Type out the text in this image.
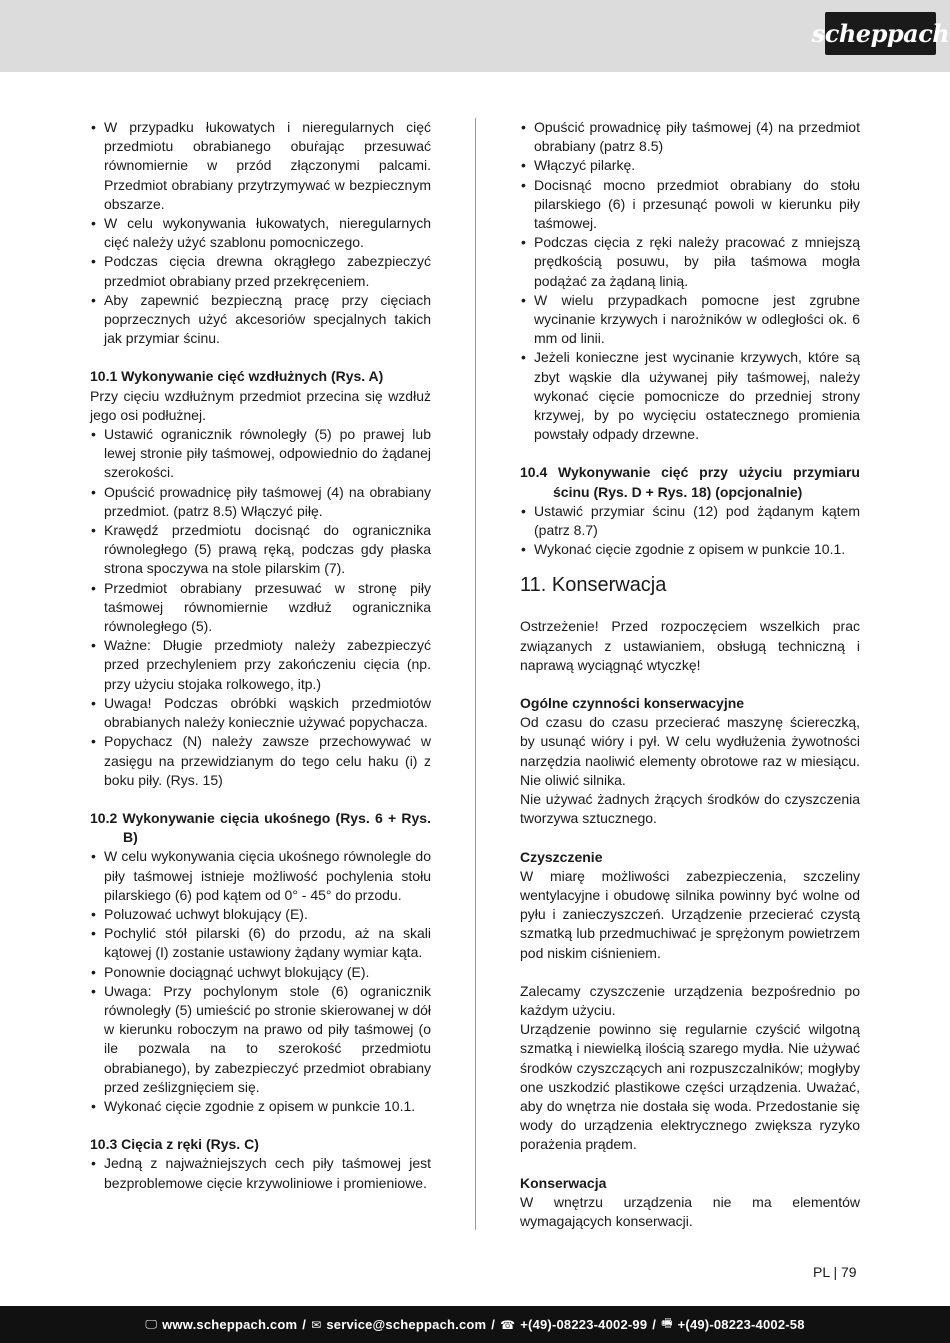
scheppach
• W przypadku łukowatych i nieregularnych cięć przedmiotu obrabianego obuṙając przesuwać równomiernie w przód złączonymi palcami. Przedmiot obrabiany przytrzymywać w bezpiecznym obszarze.
• W celu wykonywania łukowatych, nieregularnych cięć należy użyć szablonu pomocniczego.
• Podczas cięcia drewna okrągłego zabezpieczyć przedmiot obrabiany przed przekręceniem.
• Aby zapewnić bezpieczną pracę przy cięciach poprzecznych użyć akcesoriów specjalnych takich jak przymiar ścinu.
10.1 Wykonywanie cięć wzdłużnych (Rys. A)
Przy cięciu wzdłużnym przedmiot przecina się wzdłuż jego osi podłużnej.
• Ustawić ogranicznik równoległy (5) po prawej lub lewej stronie piły taśmowej, odpowiednio do żądanej szerokości.
• Opuścić prowadnicę piły taśmowej (4) na obrabiany przedmiot. (patrz 8.5) Włączyć piłę.
• Krawędź przedmiotu docisnąć do ogranicznika równoległego (5) prawą ręką, podczas gdy płaska strona spoczywa na stole pilarskim (7).
• Przedmiot obrabiany przesuwać w stronę piły taśmowej równomiernie wzdłuż ogranicznika równoległego (5).
• Ważne: Długie przedmioty należy zabezpieczyć przed przechyleniem przy zakończeniu cięcia (np. przy użyciu stojaka rolkowego, itp.)
• Uwaga! Podczas obróbki wąskich przedmiotów obrabianych należy koniecznie używać popychacza.
• Popychacz (N) należy zawsze przechowywać w zasięgu na przewidzianym do tego celu haku (i) z boku piły. (Rys. 15)
10.2 Wykonywanie cięcia ukośnego (Rys. 6 + Rys. B)
• W celu wykonywania cięcia ukośnego równolegle do piły taśmowej istnieje możliwość pochylenia stołu pilarskiego (6) pod kątem od 0° - 45° do przodu.
• Poluzować uchwyt blokujący (E).
• Pochylić stół pilarski (6) do przodu, aż na skali kątowej (I) zostanie ustawiony żądany wymiar kąta.
• Ponownie dociągnąć uchwyt blokujący (E).
• Uwaga: Przy pochylonym stole (6) ogranicznik równoległy (5) umieścić po stronie skierowanej w dół w kierunku roboczym na prawo od piły taśmowej (o ile pozwala na to szerokość przedmiotu obrabianego), by zabezpieczyć przedmiot obrabiany przed ześlizgnięciem się.
• Wykonać cięcie zgodnie z opisem w punkcie 10.1.
10.3 Cięcia z ręki (Rys. C)
• Jedną z najważniejszych cech piły taśmowej jest bezproblemowe cięcie krzywoliniowe i promieniowe.
• Opuścić prowadnicę piły taśmowej (4) na przedmiot obrabiany (patrz 8.5)
• Włączyć pilarkę.
• Docisnąć mocno przedmiot obrabiany do stołu pilarskiego (6) i przesunąć powoli w kierunku piły taśmowej.
• Podczas cięcia z ręki należy pracować z mniejszą prędkością posuwu, by piła taśmowa mogła podążać za żądaną linią.
• W wielu przypadkach pomocne jest zgrubne wycinanie krzywych i narożników w odległości ok. 6 mm od linii.
• Jeżeli konieczne jest wycinanie krzywych, które są zbyt wąskie dla używanej piły taśmowej, należy wykonać cięcie pomocnicze do przedniej strony krzywej, by po wycięciu ostatecznego promienia powstały odpady drzewne.
10.4 Wykonywanie cięć przy użyciu przymiaru ścinu (Rys. D + Rys. 18) (opcjonalnie)
• Ustawić przymiar ścinu (12) pod żądanym kątem (patrz 8.7)
• Wykonać cięcie zgodnie z opisem w punkcie 10.1.
11. Konserwacja
Ostrzeżenie! Przed rozpoczęciem wszelkich prac związanych z ustawianiem, obsługą techniczną i naprawą wyciągnąć wtyczkę!
Ogólne czynności konserwacyjne
Od czasu do czasu przecierać maszynę ściereczką, by usunąć wióry i pył. W celu wydłużenia żywotności narzędzia naoliwić elementy obrotowe raz w miesiącu. Nie oliwić silnika.
Nie używać żadnych żrących środków do czyszczenia tworzywa sztucznego.
Czyszczenie
W miarę możliwości zabezpieczenia, szczeliny wentylacyjne i obudowę silnika powinny być wolne od pyłu i zanieczyszczeń. Urządzenie przecierać czystą szmatką lub przedmuchiwać je sprężonym powietrzem pod niskim ciśnieniem.
Zalecamy czyszczenie urządzenia bezpośrednio po każdym użyciu.
Urządzenie powinno się regularnie czyścić wilgotną szmatką i niewielką ilością szarego mydła. Nie używać środków czyszczących ani rozpuszczalników; mogłyby one uszkodzić plastikowe części urządzenia. Uważać, aby do wnętrza nie dostała się woda. Przedostanie się wody do urządzenia elektrycznego zwiększa ryzyko porażenia prądem.
Konserwacja
W wnętrzu urządzenia nie ma elementów wymagających konserwacji.
PL | 79
🖵 www.scheppach.com / ✉ service@scheppach.com / ☎ +(49)-08223-4002-99 / 🖷 +(49)-08223-4002-58
